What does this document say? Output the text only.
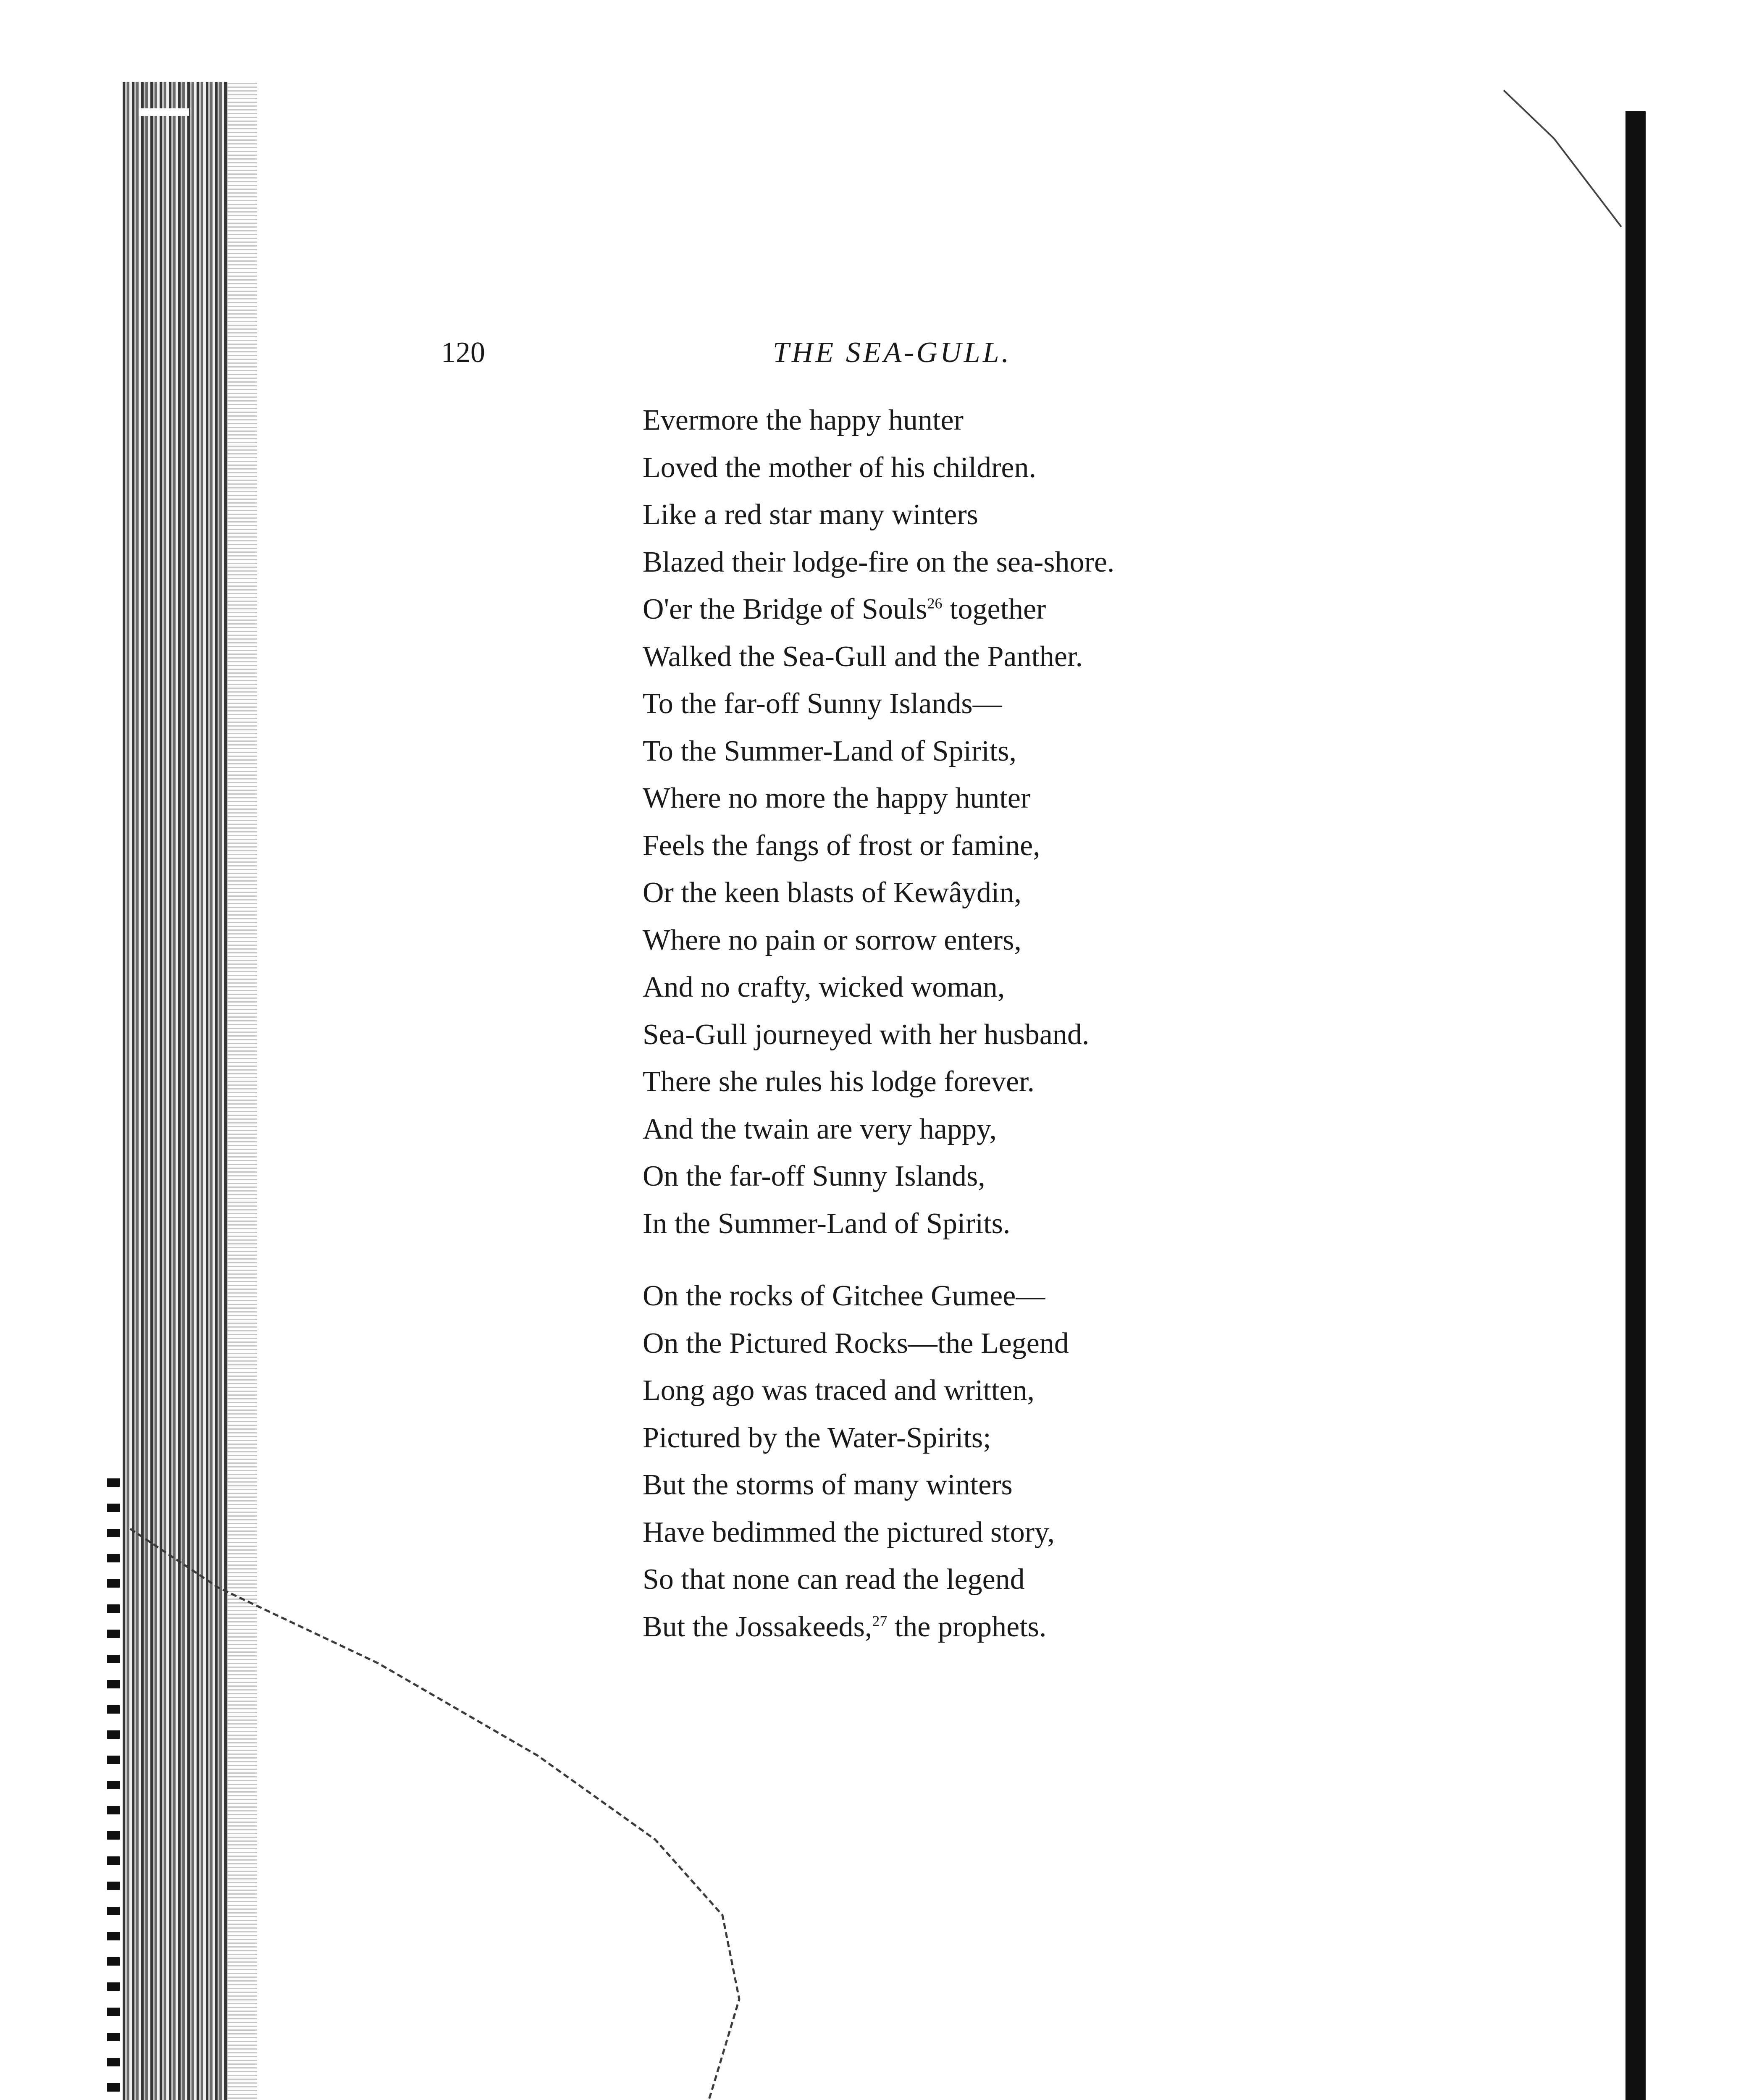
120	THE SEA-GULL.
Evermore the happy hunter
Loved the mother of his children.
Like a red star many winters
Blazed their lodge-fire on the sea-shore.
O'er the Bridge of Souls$^{26}$ together
Walked the Sea-Gull and the Panther.
To the far-off Sunny Islands—
To the Summer-Land of Spirits,
Where no more the happy hunter
Feels the fangs of frost or famine,
Or the keen blasts of Kewâydin,
Where no pain or sorrow enters,
And no crafty, wicked woman,
Sea-Gull journeyed with her husband.
There she rules his lodge forever.
And the twain are very happy,
On the far-off Sunny Islands,
In the Summer-Land of Spirits.
On the rocks of Gitchee Gumee—
On the Pictured Rocks—the Legend
Long ago was traced and written,
Pictured by the Water-Spirits;
But the storms of many winters
Have bedimmed the pictured story,
So that none can read the legend
But the Jossakeeds,$^{27}$ the prophets.
